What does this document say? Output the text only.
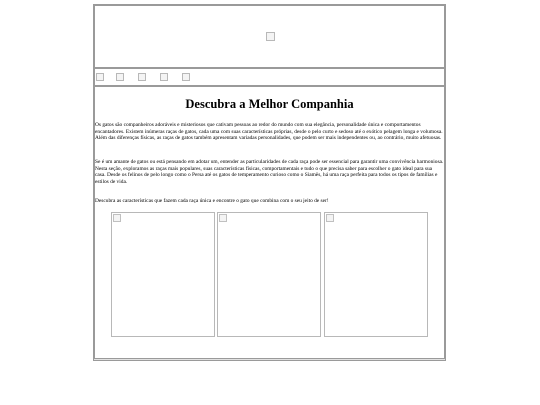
Descubra a Melhor Companhia

Os gatos são companheiros adoráveis e misteriosos que cativam pessoas ao redor do mundo com sua elegância, personalidade única e comportamentos encantadores. Existem inúmeras raças de gatos, cada uma com suas características próprias, desde o pelo curto e sedoso até o exótico pelagem longa e volumosa. Além das diferenças físicas, as raças de gatos também apresentam variadas personalidades, que podem ser mais independentes ou, ao contrário, muito afetuosas.

Se é um amante de gatos ou está pensando em adotar um, entender as particularidades de cada raça pode ser essencial para garantir uma convivência harmoniosa. Nesta seção, exploramos as raças mais populares, suas características físicas, comportamentais e tudo o que precisa saber para escolher o gato ideal para sua casa. Desde os felinos de pelo longo como o Persa até os gatos de temperamento curioso como o Siamês, há uma raça perfeita para todos os tipos de famílias e estilos de vida.

Descubra as características que fazem cada raça única e encontre o gato que combina com o seu jeito de ser!
